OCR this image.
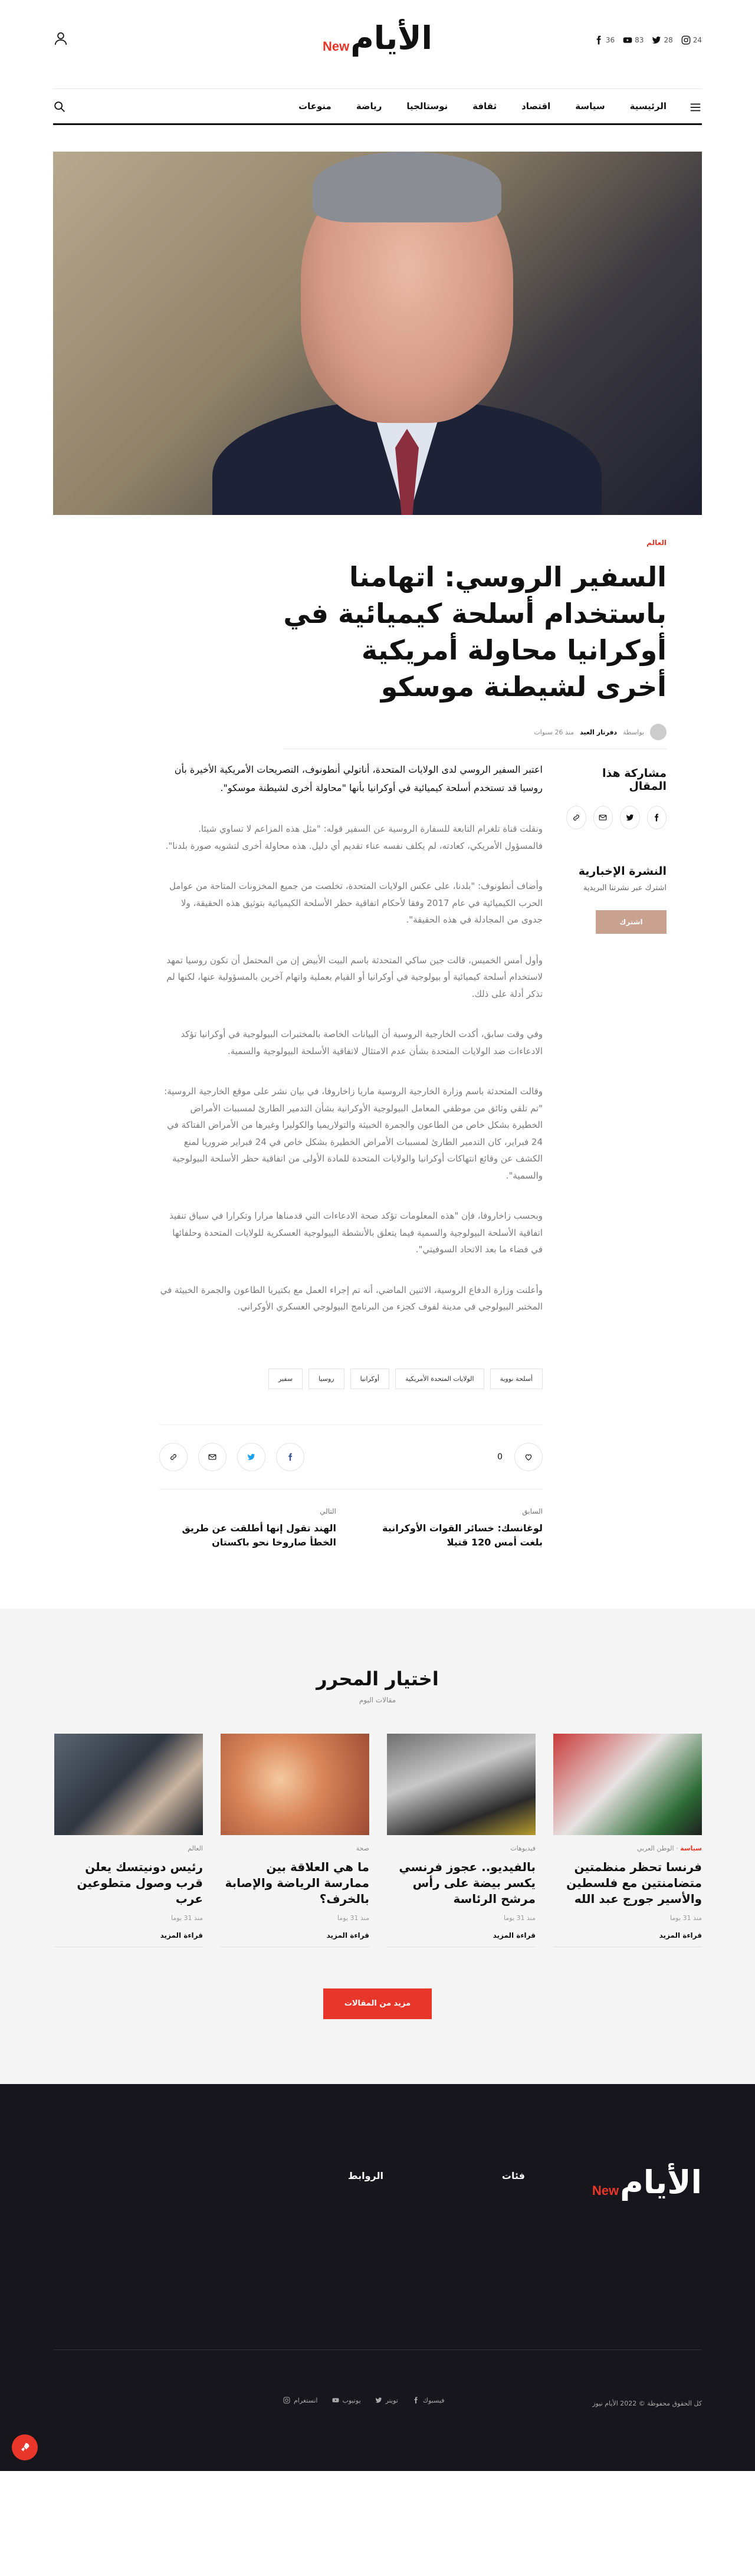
36	83	28	24
New الأيام
الرئيسية
سياسة
اقتصاد
ثقافة
نوستالجيا
رياضة
منوعات
العالم
السفير الروسي: اتهامنا باستخدام أسلحة كيميائية في أوكرانيا محاولة أمريكية أخرى لشيطنة موسكو
بواسطة
دفرتار العيد
منذ 26 سنوات
مشاركة هذا المقال
النشرة الإخبارية
اشترك عبر نشرتنا البريدية
اشترك

اعتبر السفير الروسي لدى الولايات المتحدة، أناتولي أنطونوف، التصريحات الأمريكية الأخيرة بأن روسيا قد تستخدم أسلحة كيميائية في أوكرانيا بأنها "محاولة أخرى لشيطنة موسكو".

ونقلت قناة تلغرام التابعة للسفارة الروسية عن السفير قوله: "مثل هذه المزاعم لا تساوي شيئا. فالمسؤول الأمريكي، كعادته، لم يكلف نفسه عناء تقديم أي دليل. هذه محاولة أخرى لتشويه صورة بلدنا".

وأضاف أنطونوف: "بلدنا، على عكس الولايات المتحدة، تخلصت من جميع المخزونات المتاحة من عوامل الحرب الكيميائية في عام 2017 وفقا لأحكام اتفاقية حظر الأسلحة الكيميائية بتوثيق هذه الحقيقة، ولا جدوى من المجادلة في هذه الحقيقة".

وأول أمس الخميس، قالت جين ساكي المتحدثة باسم البيت الأبيض إن من المحتمل أن تكون روسيا تمهد لاستخدام أسلحة كيميائية أو بيولوجية في أوكرانيا أو القيام بعملية واتهام آخرين بالمسؤولية عنها، لكنها لم تذكر أدلة على ذلك.

وفي وقت سابق، أكدت الخارجية الروسية أن البيانات الخاصة بالمختبرات البيولوجية في أوكرانيا تؤكد الادعاءات ضد الولايات المتحدة بشأن عدم الامتثال لاتفاقية الأسلحة البيولوجية والسمية.

وقالت المتحدثة باسم وزارة الخارجية الروسية ماريا زاخاروفا، في بيان نشر على موقع الخارجية الروسية: "تم تلقي وثائق من موظفي المعامل البيولوجية الأوكرانية بشأن التدمير الطارئ لمسببات الأمراض الخطيرة بشكل خاص من الطاعون والجمرة الخبيثة والتولاريميا والكوليرا وغيرها من الأمراض الفتاكة في 24 فبراير، كان التدمير الطارئ لمسببات الأمراض الخطيرة بشكل خاص في 24 فبراير ضروريا لمنع الكشف عن وقائع انتهاكات أوكرانيا والولايات المتحدة للمادة الأولى من اتفاقية حظر الأسلحة البيولوجية والسمية".

وبحسب زاخاروفا، فإن "هذه المعلومات تؤكد صحة الادعاءات التي قدمناها مرارا وتكرارا في سياق تنفيذ اتفاقية الأسلحة البيولوجية والسمية فيما يتعلق بالأنشطة البيولوجية العسكرية للولايات المتحدة وحلفائها في فضاء ما بعد الاتحاد السوفيتي".

وأعلنت وزارة الدفاع الروسية، الاثنين الماضي، أنه تم إجراء العمل مع بكتيريا الطاعون والجمرة الخبيثة في المختبر البيولوجي في مدينة لفوف كجزء من البرنامج البيولوجي العسكري الأوكراني.

أسلحة نووية
الولايات المتحدة الأمريكية
أوكرانيا
روسيا
سفير
0
السابق
لوغانسك: خسائر القوات الأوكرانية بلغت أمس 120 قتيلا
التالي
الهند تقول إنها أطلقت عن طريق الخطأ صاروخا نحو باكستان
اختيار المحرر
مقالات اليوم
سياسة · الوطن العربي
فرنسا تحظر منظمتين متضامنتين مع فلسطين والأسير جورج عبد الله
منذ 31 يوما
قراءة المزيد
فيديوهات
بالفيديو.. عجوز فرنسي يكسر بيضة على رأس مرشح الرئاسة
منذ 31 يوما
قراءة المزيد
صحة
ما هي العلاقة بين ممارسة الرياضة والإصابة بالخرف؟
منذ 31 يوما
قراءة المزيد
العالم
رئيس دونيتسك يعلن قرب وصول متطوعين عرب
منذ 31 يوما
قراءة المزيد
مزيد من المقالات
New الأيام
فئات
الروابط
كل الحقوق محفوظة © 2022 الأيام نيوز
انستغرام	يوتيوب	تويتر	فيسبوك
